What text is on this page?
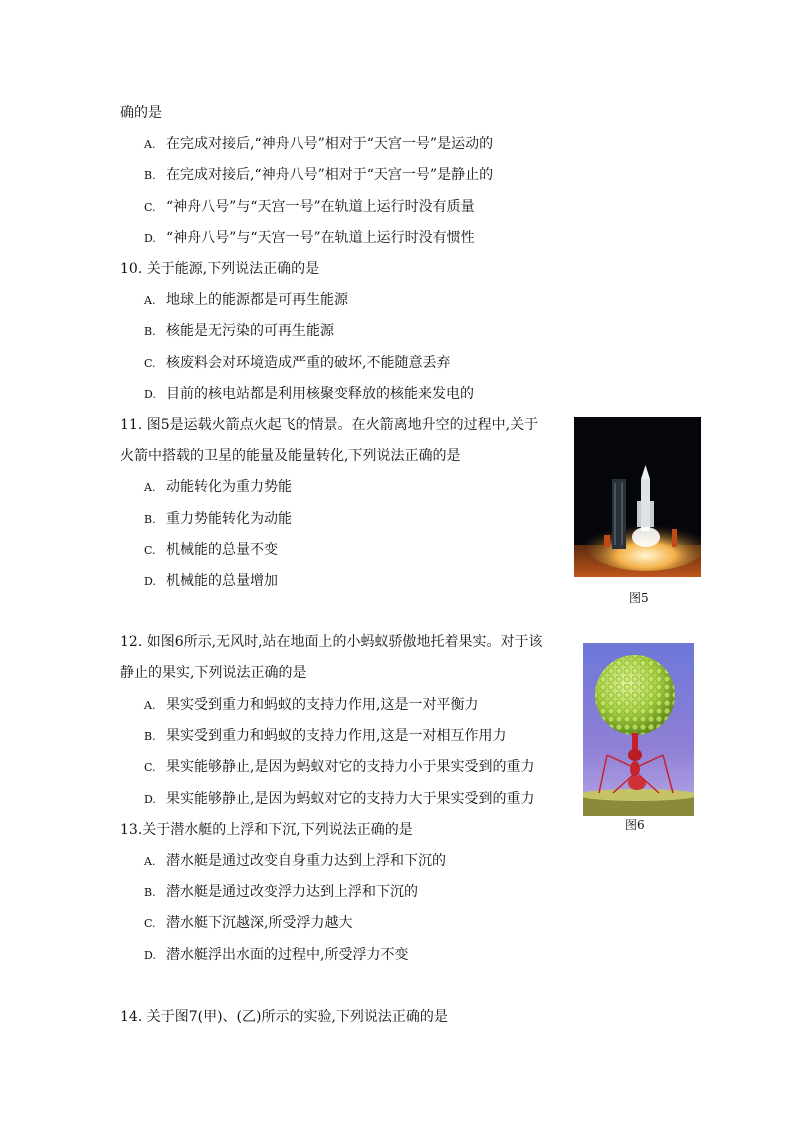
确的是
A. 在完成对接后,“神舟八号”相对于“天宫一号”是运动的
B. 在完成对接后,“神舟八号”相对于“天宫一号”是静止的
C. “神舟八号”与“天宫一号”在轨道上运行时没有质量
D. “神舟八号”与“天宫一号”在轨道上运行时没有惯性
10. 关于能源,下列说法正确的是
A. 地球上的能源都是可再生能源
B. 核能是无污染的可再生能源
C. 核废料会对环境造成严重的破坏,不能随意丢弃
D. 目前的核电站都是利用核聚变释放的核能来发电的
11. 图5是运载火箭点火起飞的情景。在火箭离地升空的过程中,关于
火箭中搭载的卫星的能量及能量转化,下列说法正确的是
A. 动能转化为重力势能
B. 重力势能转化为动能
C. 机械能的总量不变
D. 机械能的总量增加
图5
12. 如图6所示,无风时,站在地面上的小蚂蚁骄傲地托着果实。对于该
静止的果实,下列说法正确的是
A. 果实受到重力和蚂蚁的支持力作用,这是一对平衡力
B. 果实受到重力和蚂蚁的支持力作用,这是一对相互作用力
C. 果实能够静止,是因为蚂蚁对它的支持力小于果实受到的重力
D. 果实能够静止,是因为蚂蚁对它的支持力大于果实受到的重力
图6
13.关于潜水艇的上浮和下沉,下列说法正确的是
A. 潜水艇是通过改变自身重力达到上浮和下沉的
B. 潜水艇是通过改变浮力达到上浮和下沉的
C. 潜水艇下沉越深,所受浮力越大
D. 潜水艇浮出水面的过程中,所受浮力不变
14. 关于图7(甲)、(乙)所示的实验,下列说法正确的是
